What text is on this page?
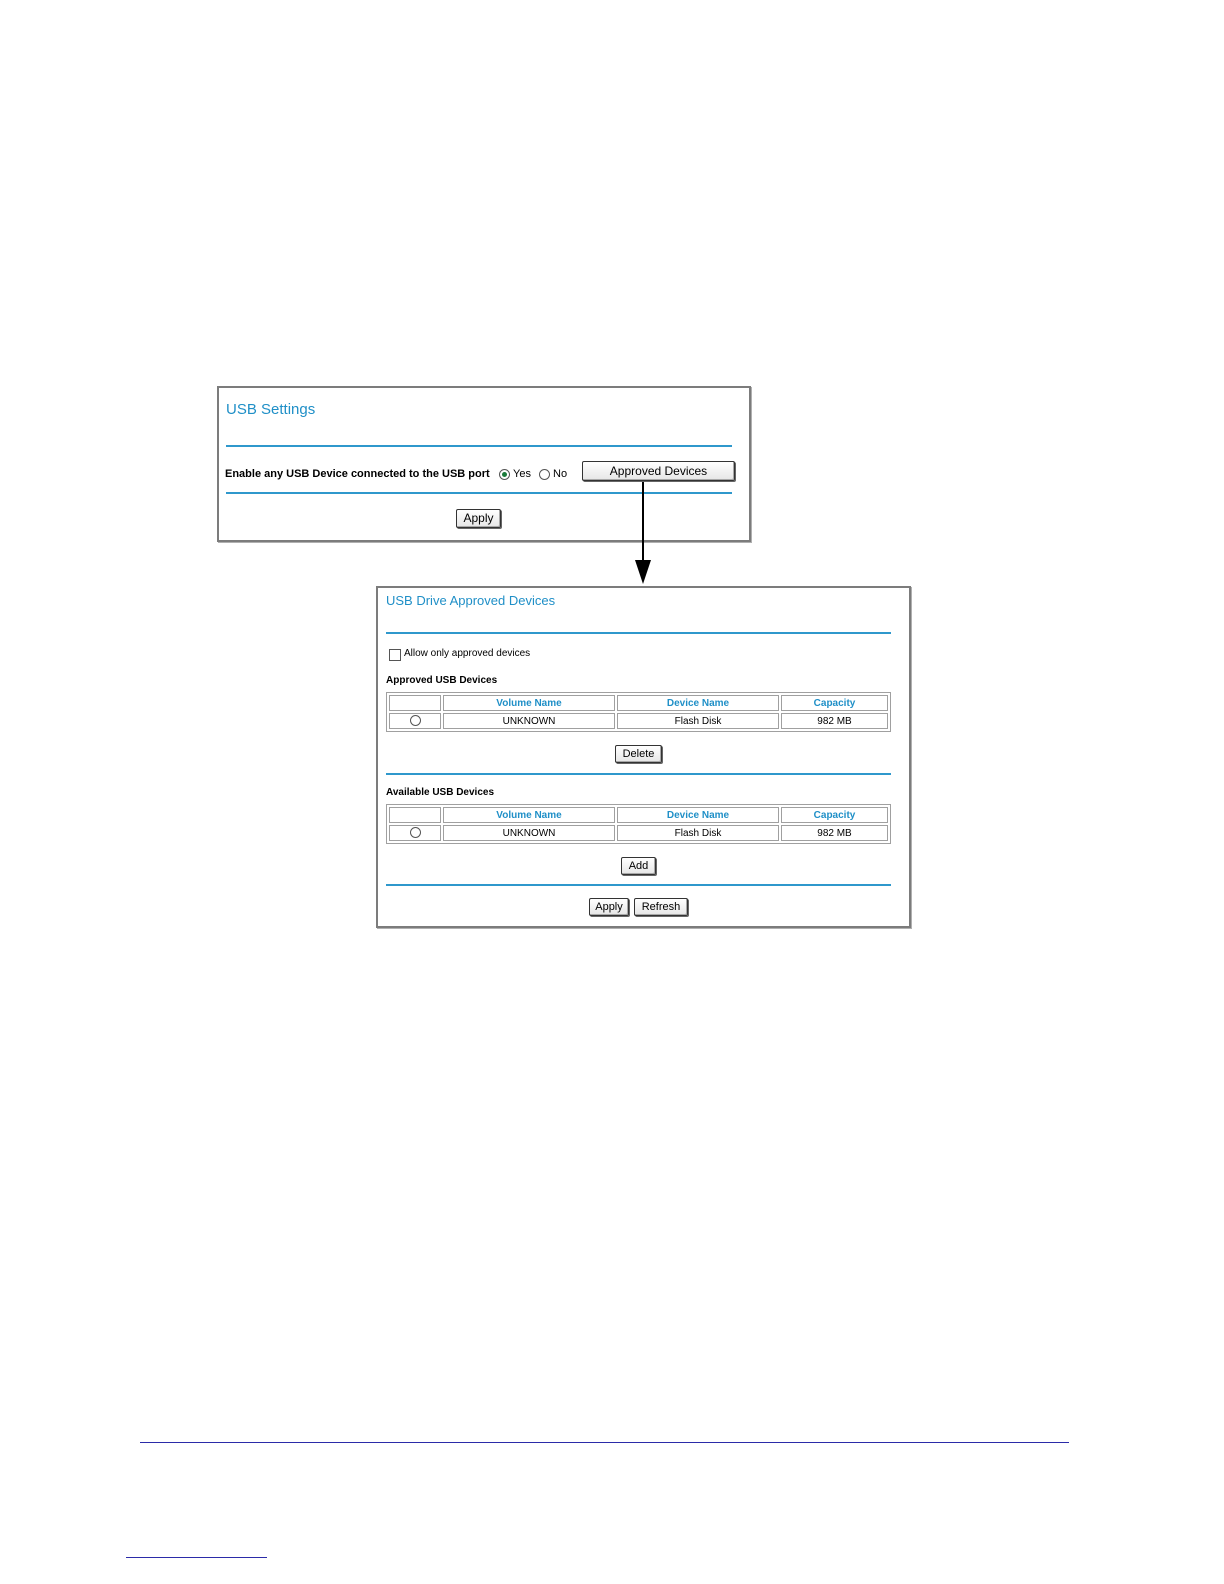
USB Settings
Enable any USB Device connected to the USB port Yes No	Approved Devices
Apply
USB Drive Approved Devices
Allow only approved devices
Approved USB Devices
	Volume Name	Device Name	Capacity
	UNKNOWN	Flash Disk	982 MB
Delete
Available USB Devices
	Volume Name	Device Name	Capacity
	UNKNOWN	Flash Disk	982 MB
Add
Apply	Refresh
